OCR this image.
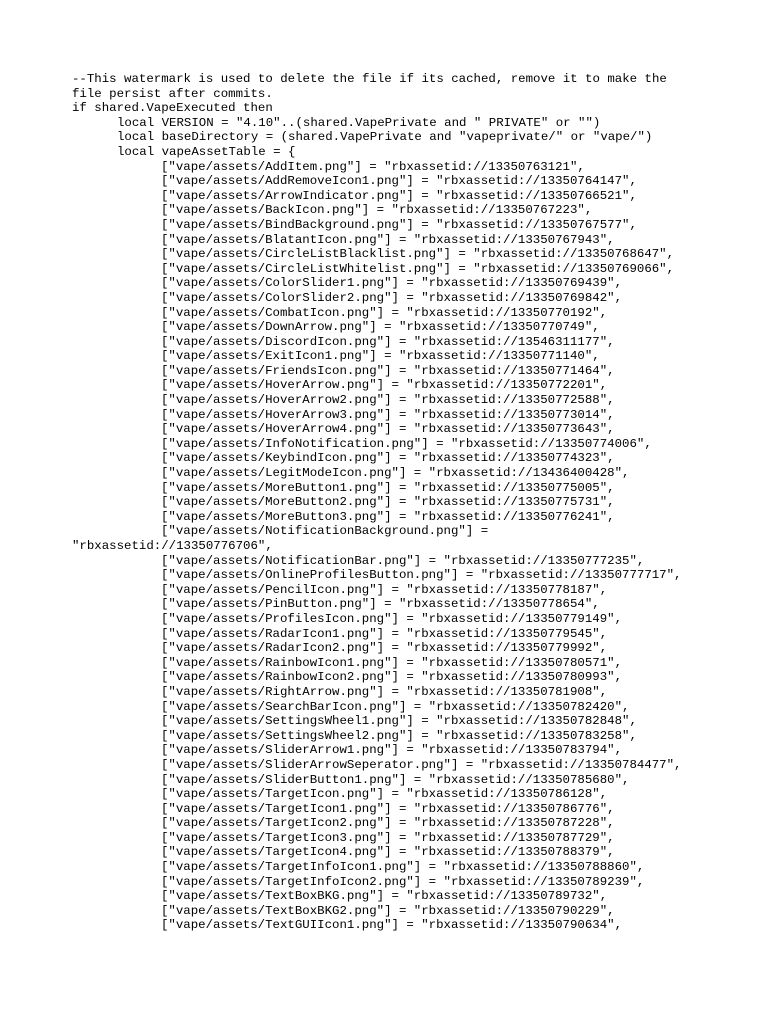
--This watermark is used to delete the file if its cached, remove it to make the
file persist after commits.
if shared.VapeExecuted then
local VERSION = "4.10"..(shared.VapePrivate and " PRIVATE" or "")
local baseDirectory = (shared.VapePrivate and "vapeprivate/" or "vape/")
local vapeAssetTable = {
["vape/assets/AddItem.png"] = "rbxassetid://13350763121",
["vape/assets/AddRemoveIcon1.png"] = "rbxassetid://13350764147",
["vape/assets/ArrowIndicator.png"] = "rbxassetid://13350766521",
["vape/assets/BackIcon.png"] = "rbxassetid://13350767223",
["vape/assets/BindBackground.png"] = "rbxassetid://13350767577",
["vape/assets/BlatantIcon.png"] = "rbxassetid://13350767943",
["vape/assets/CircleListBlacklist.png"] = "rbxassetid://13350768647",
["vape/assets/CircleListWhitelist.png"] = "rbxassetid://13350769066",
["vape/assets/ColorSlider1.png"] = "rbxassetid://13350769439",
["vape/assets/ColorSlider2.png"] = "rbxassetid://13350769842",
["vape/assets/CombatIcon.png"] = "rbxassetid://13350770192",
["vape/assets/DownArrow.png"] = "rbxassetid://13350770749",
["vape/assets/DiscordIcon.png"] = "rbxassetid://13546311177",
["vape/assets/ExitIcon1.png"] = "rbxassetid://13350771140",
["vape/assets/FriendsIcon.png"] = "rbxassetid://13350771464",
["vape/assets/HoverArrow.png"] = "rbxassetid://13350772201",
["vape/assets/HoverArrow2.png"] = "rbxassetid://13350772588",
["vape/assets/HoverArrow3.png"] = "rbxassetid://13350773014",
["vape/assets/HoverArrow4.png"] = "rbxassetid://13350773643",
["vape/assets/InfoNotification.png"] = "rbxassetid://13350774006",
["vape/assets/KeybindIcon.png"] = "rbxassetid://13350774323",
["vape/assets/LegitModeIcon.png"] = "rbxassetid://13436400428",
["vape/assets/MoreButton1.png"] = "rbxassetid://13350775005",
["vape/assets/MoreButton2.png"] = "rbxassetid://13350775731",
["vape/assets/MoreButton3.png"] = "rbxassetid://13350776241",
["vape/assets/NotificationBackground.png"] =
"rbxassetid://13350776706",
["vape/assets/NotificationBar.png"] = "rbxassetid://13350777235",
["vape/assets/OnlineProfilesButton.png"] = "rbxassetid://13350777717",
["vape/assets/PencilIcon.png"] = "rbxassetid://13350778187",
["vape/assets/PinButton.png"] = "rbxassetid://13350778654",
["vape/assets/ProfilesIcon.png"] = "rbxassetid://13350779149",
["vape/assets/RadarIcon1.png"] = "rbxassetid://13350779545",
["vape/assets/RadarIcon2.png"] = "rbxassetid://13350779992",
["vape/assets/RainbowIcon1.png"] = "rbxassetid://13350780571",
["vape/assets/RainbowIcon2.png"] = "rbxassetid://13350780993",
["vape/assets/RightArrow.png"] = "rbxassetid://13350781908",
["vape/assets/SearchBarIcon.png"] = "rbxassetid://13350782420",
["vape/assets/SettingsWheel1.png"] = "rbxassetid://13350782848",
["vape/assets/SettingsWheel2.png"] = "rbxassetid://13350783258",
["vape/assets/SliderArrow1.png"] = "rbxassetid://13350783794",
["vape/assets/SliderArrowSeperator.png"] = "rbxassetid://13350784477",
["vape/assets/SliderButton1.png"] = "rbxassetid://13350785680",
["vape/assets/TargetIcon.png"] = "rbxassetid://13350786128",
["vape/assets/TargetIcon1.png"] = "rbxassetid://13350786776",
["vape/assets/TargetIcon2.png"] = "rbxassetid://13350787228",
["vape/assets/TargetIcon3.png"] = "rbxassetid://13350787729",
["vape/assets/TargetIcon4.png"] = "rbxassetid://13350788379",
["vape/assets/TargetInfoIcon1.png"] = "rbxassetid://13350788860",
["vape/assets/TargetInfoIcon2.png"] = "rbxassetid://13350789239",
["vape/assets/TextBoxBKG.png"] = "rbxassetid://13350789732",
["vape/assets/TextBoxBKG2.png"] = "rbxassetid://13350790229",
["vape/assets/TextGUIIcon1.png"] = "rbxassetid://13350790634",
